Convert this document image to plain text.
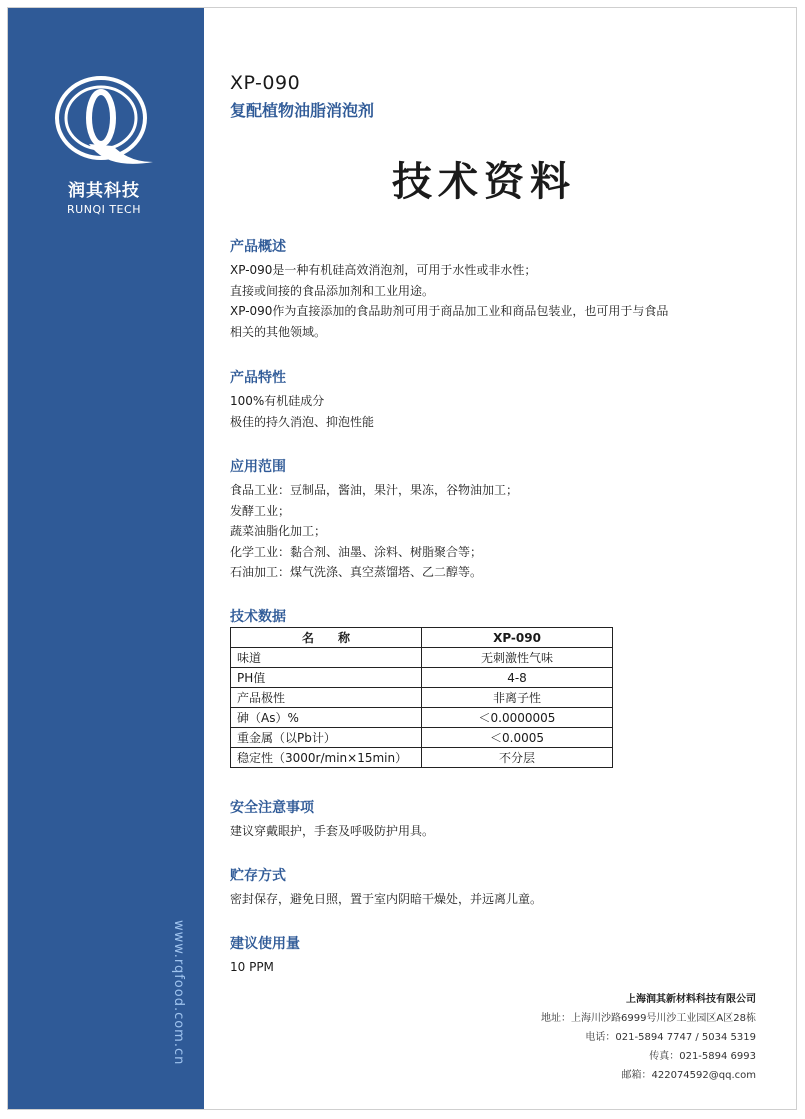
润其科技
RUNQI TECH
www.rqfood.com.cn
XP-090
复配植物油脂消泡剂
技术资料
产品概述
XP-090是一种有机硅高效消泡剂，可用于水性或非水性；
直接或间接的食品添加剂和工业用途。
XP-090作为直接添加的食品助剂可用于商品加工业和商品包装业，也可用于与食品
相关的其他领域。
产品特性
100%有机硅成分
极佳的持久消泡、抑泡性能
应用范围
食品工业：豆制品，酱油，果汁，果冻，谷物油加工；
发酵工业；
蔬菜油脂化加工；
化学工业：黏合剂、油墨、涂料、树脂聚合等；
石油加工：煤气洗涤、真空蒸馏塔、乙二醇等。
技术数据
名　　称	XP-090
味道	无刺激性气味
PH值	4-8
产品极性	非离子性
砷（As）%	＜0.0000005
重金属（以Pb计）	＜0.0005
稳定性（3000r/min×15min）	不分层
安全注意事项
建议穿戴眼护，手套及呼吸防护用具。
贮存方式
密封保存，避免日照，置于室内阴暗干燥处，并远离儿童。
建议使用量
10 PPM
上海润其新材料科技有限公司
地址：上海川沙路6999号川沙工业园区A区28栋
电话：021-5894 7747 / 5034 5319
传真：021-5894 6993
邮箱：422074592@qq.com
